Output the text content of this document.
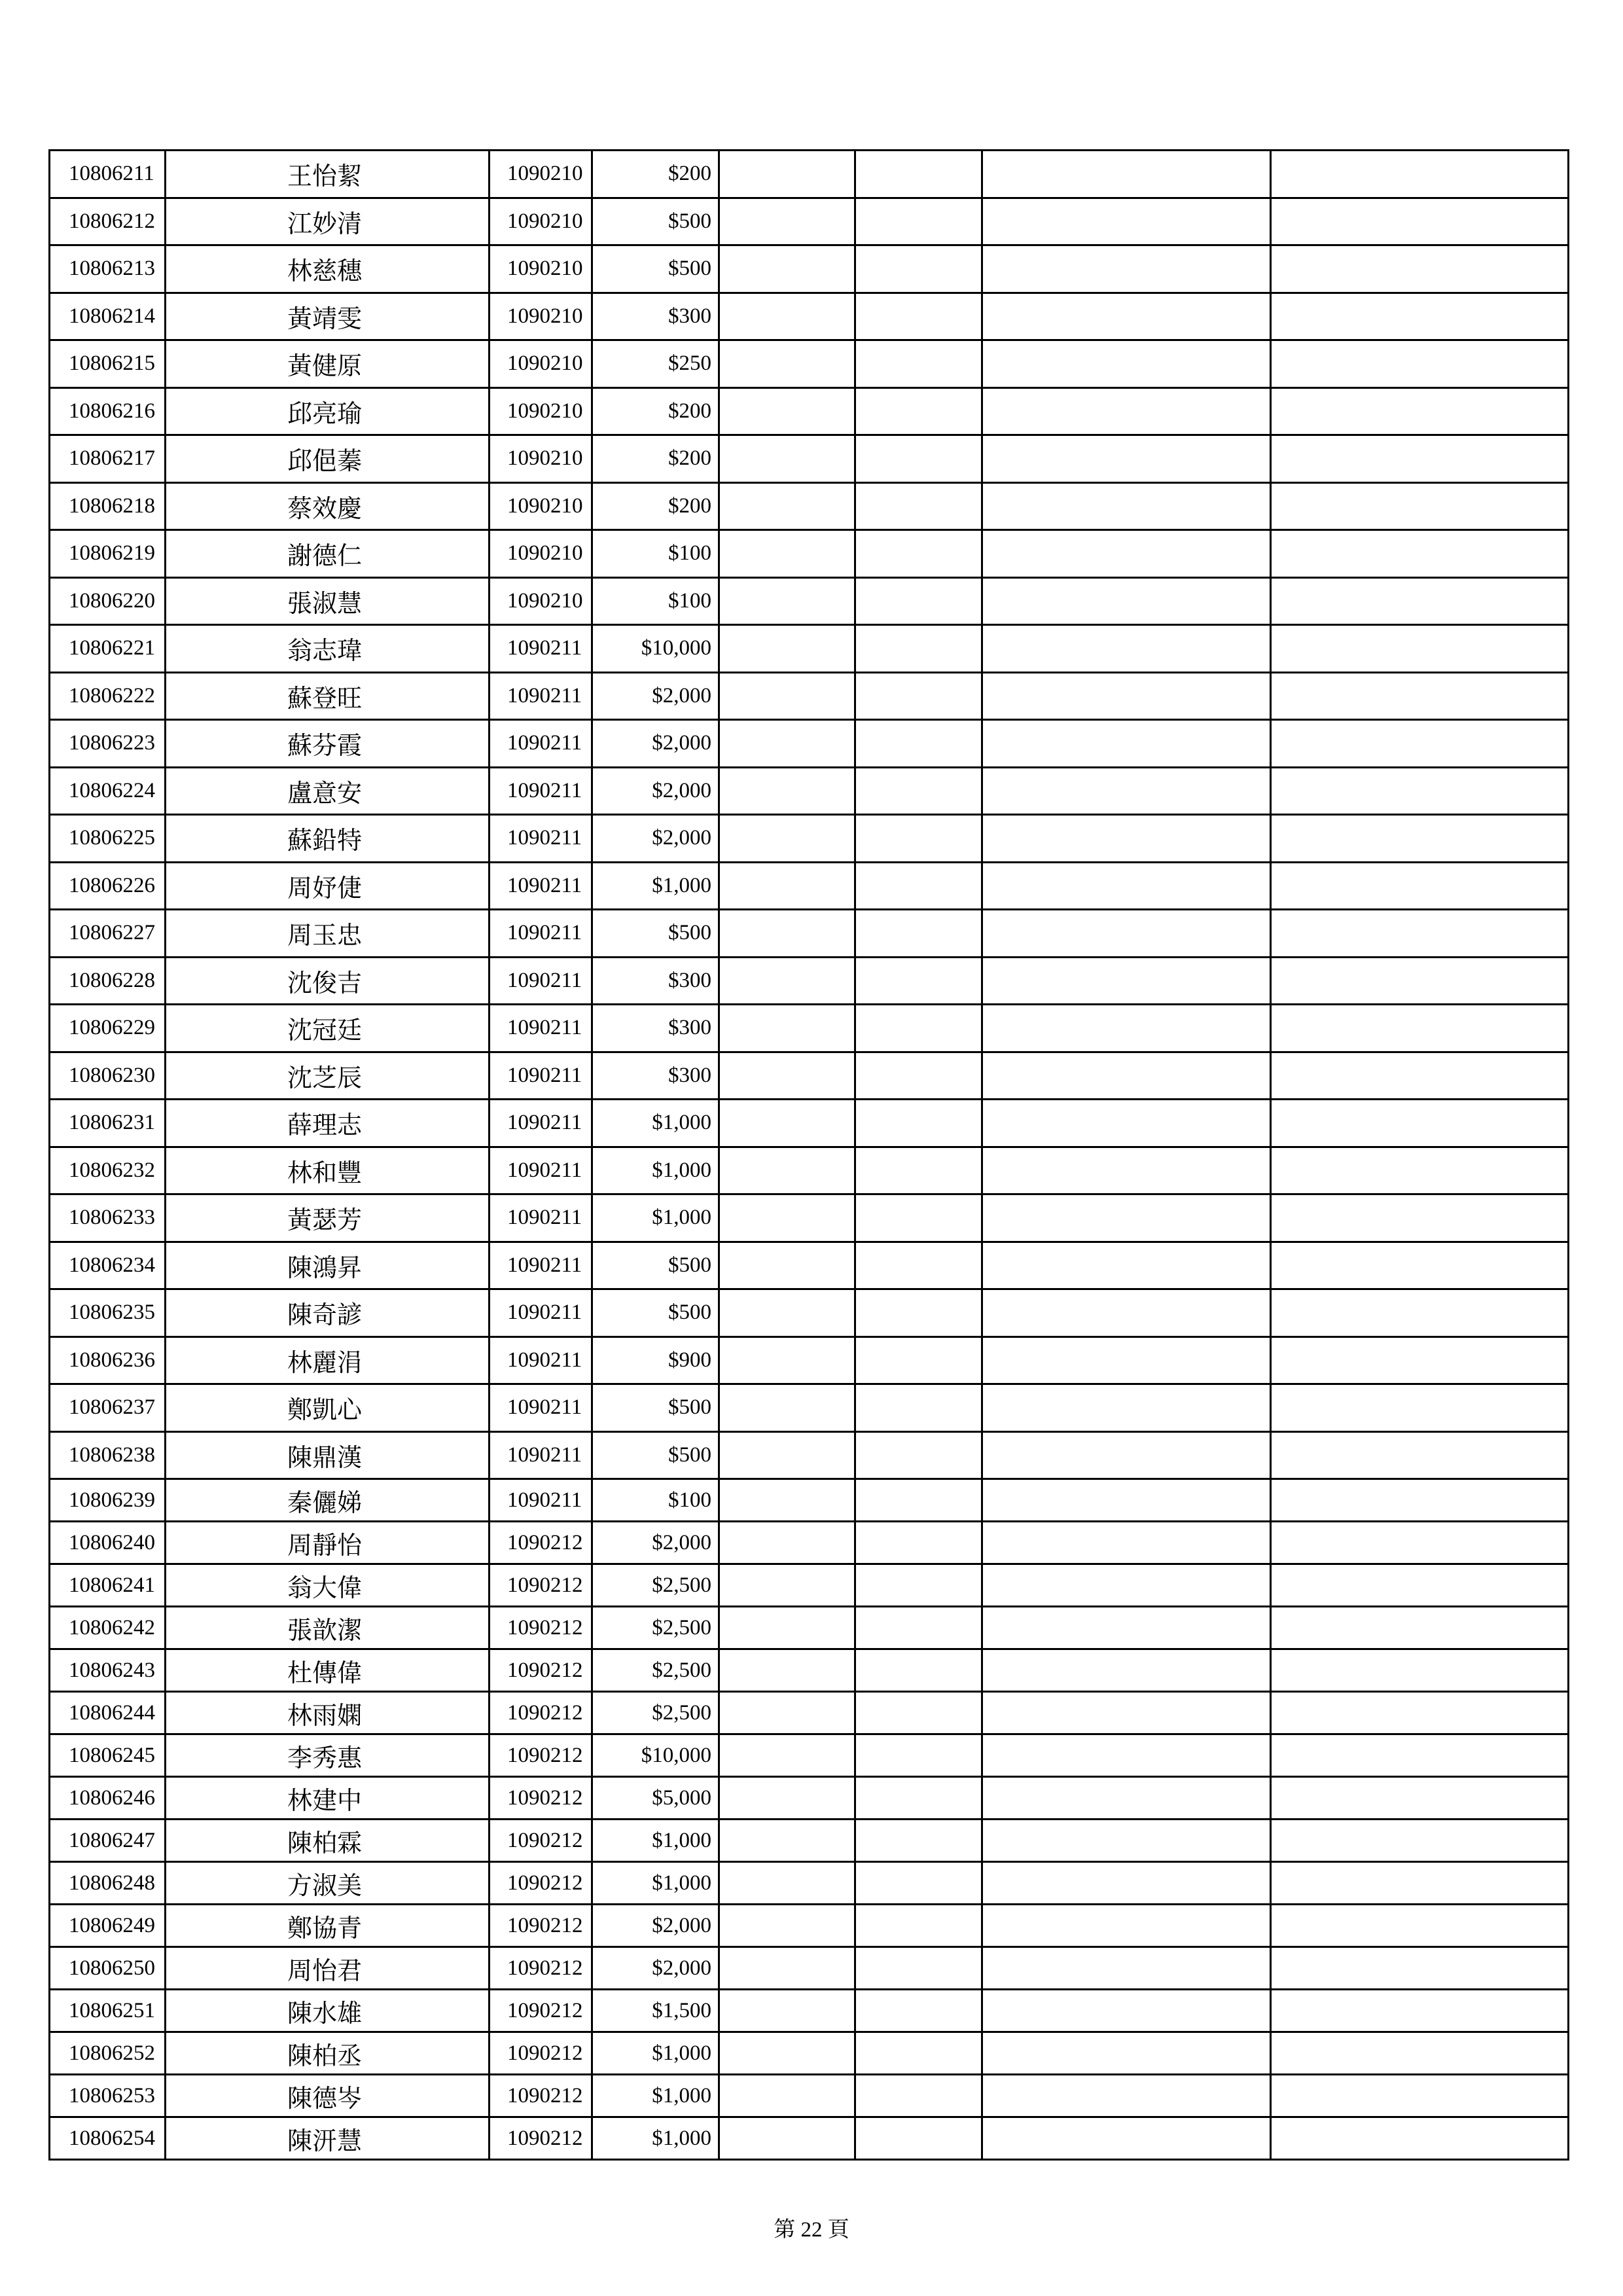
10806211	王怡絜	1090210	$200				
10806212	江妙清	1090210	$500				
10806213	林慈穗	1090210	$500				
10806214	黃靖雯	1090210	$300				
10806215	黃健原	1090210	$250				
10806216	邱亮瑜	1090210	$200				
10806217	邱俋蓁	1090210	$200				
10806218	蔡效慶	1090210	$200				
10806219	謝德仁	1090210	$100				
10806220	張淑慧	1090210	$100				
10806221	翁志瑋	1090211	$10,000				
10806222	蘇登旺	1090211	$2,000				
10806223	蘇芬霞	1090211	$2,000				
10806224	盧意安	1090211	$2,000				
10806225	蘇鉛特	1090211	$2,000				
10806226	周妤倢	1090211	$1,000				
10806227	周玉忠	1090211	$500				
10806228	沈俊吉	1090211	$300				
10806229	沈冠廷	1090211	$300				
10806230	沈芝辰	1090211	$300				
10806231	薛理志	1090211	$1,000				
10806232	林和豐	1090211	$1,000				
10806233	黃瑟芳	1090211	$1,000				
10806234	陳鴻昇	1090211	$500				
10806235	陳奇諺	1090211	$500				
10806236	林麗涓	1090211	$900				
10806237	鄭凱心	1090211	$500				
10806238	陳鼎漢	1090211	$500				
10806239	秦儷娣	1090211	$100				
10806240	周靜怡	1090212	$2,000				
10806241	翁大偉	1090212	$2,500				
10806242	張歆潔	1090212	$2,500				
10806243	杜傳偉	1090212	$2,500				
10806244	林雨嫻	1090212	$2,500				
10806245	李秀惠	1090212	$10,000				
10806246	林建中	1090212	$5,000				
10806247	陳柏霖	1090212	$1,000				
10806248	方淑美	1090212	$1,000				
10806249	鄭協青	1090212	$2,000				
10806250	周怡君	1090212	$2,000				
10806251	陳水雄	1090212	$1,500				
10806252	陳柏丞	1090212	$1,000				
10806253	陳德岑	1090212	$1,000				
10806254	陳汧慧	1090212	$1,000				
第 22 頁
